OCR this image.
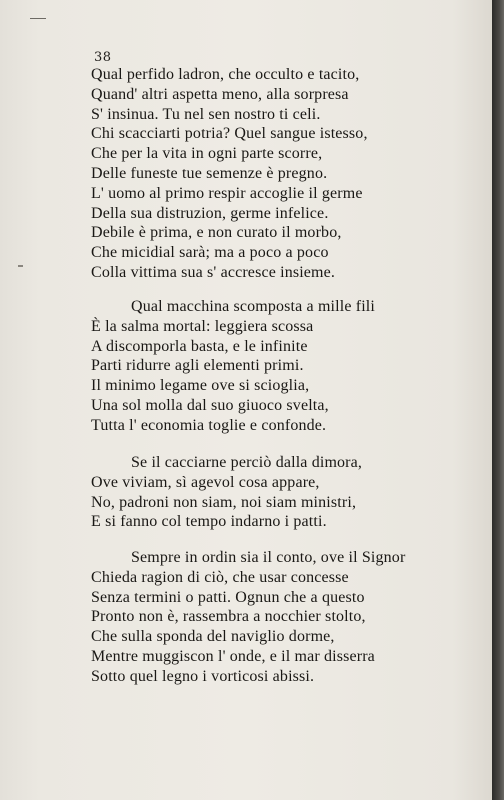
38
Qual perfido ladron, che occulto e tacito,
Quand' altri aspetta meno, alla sorpresa
S' insinua. Tu nel sen nostro ti celi.
Chi scacciarti potria? Quel sangue istesso,
Che per la vita in ogni parte scorre,
Delle funeste tue semenze è pregno.
L' uomo al primo respir accoglie il germe
Della sua distruzion, germe infelice.
Debile è prima, e non curato il morbo,
Che micidial sarà; ma a poco a poco
Colla vittima sua s' accresce insieme.
Qual macchina scomposta a mille fili
È la salma mortal: leggiera scossa
A discomporla basta, e le infinite
Parti ridurre agli elementi primi.
Il minimo legame ove si scioglia,
Una sol molla dal suo giuoco svelta,
Tutta l' economia toglie e confonde.
Se il cacciarne perciò dalla dimora,
Ove viviam, sì agevol cosa appare,
No, padroni non siam, noi siam ministri,
E si fanno col tempo indarno i patti.
Sempre in ordin sia il conto, ove il Signor
Chieda ragion di ciò, che usar concesse
Senza termini o patti. Ognun che a questo
Pronto non è, rassembra a nocchier stolto,
Che sulla sponda del naviglio dorme,
Mentre muggiscon l' onde, e il mar disserra
Sotto quel legno i vorticosi abissi.
